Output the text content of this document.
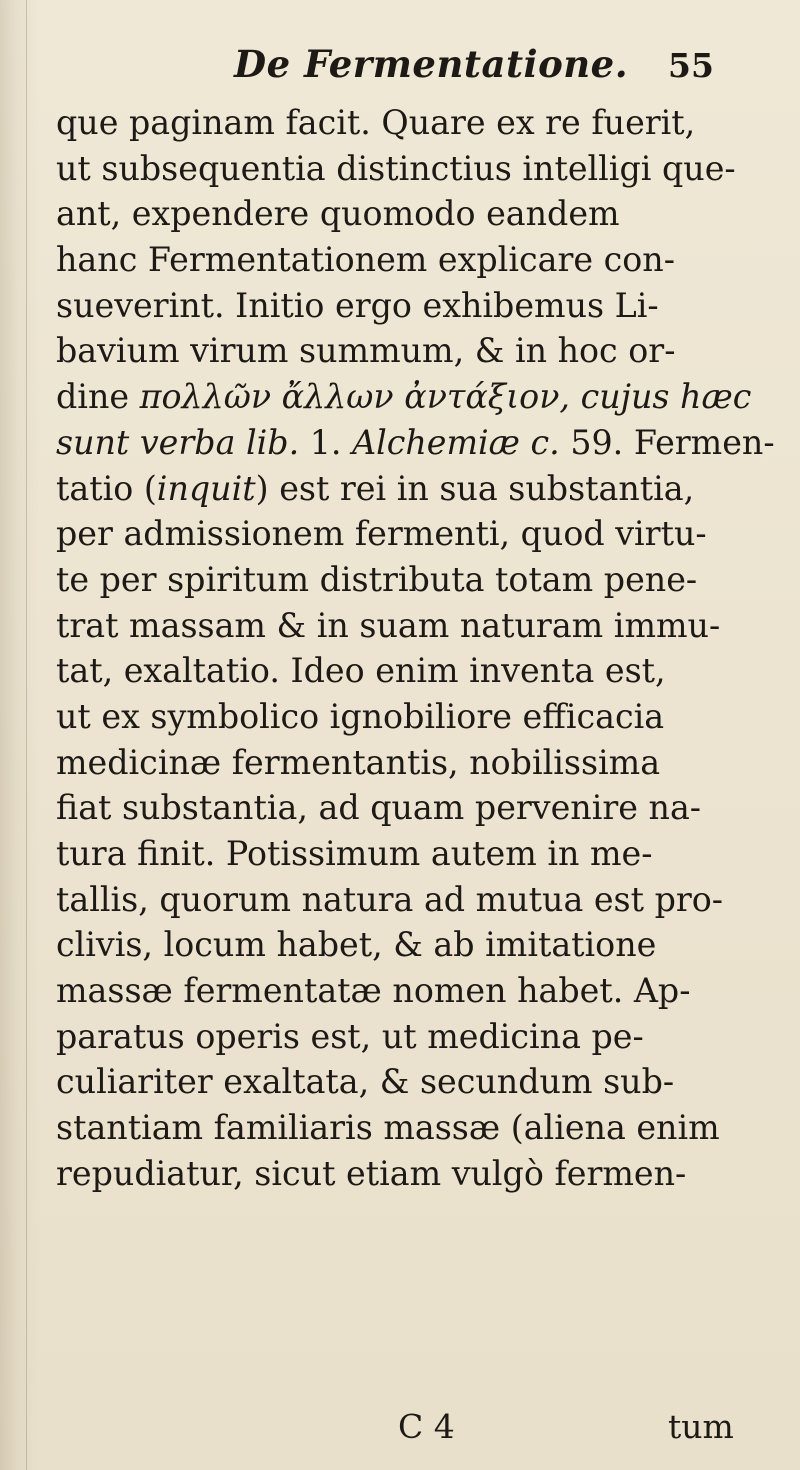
De Fermentatione. 55
que paginam facit. Quare ex re fuerit,
ut subsequentia distinctius intelligi que-
ant, expendere quomodo eandem
hanc Fermentationem explicare con-
sueverint. Initio ergo exhibemus Li-
bavium virum summum, & in hoc or-
dine πολλῶν ἄλλων ἀντάξιον, cujus hæc
sunt verba lib. 1. Alchemiæ c. 59. Fermen-
tatio (inquit) est rei in sua substantia,
per admissionem fermenti, quod virtu-
te per spiritum distributa totam pene-
trat massam & in suam naturam immu-
tat, exaltatio. Ideo enim inventa est,
ut ex symbolico ignobiliore efficacia
medicinæ fermentantis, nobilissima
fiat substantia, ad quam pervenire na-
tura finit. Potissimum autem in me-
tallis, quorum natura ad mutua est pro-
clivis, locum habet, & ab imitatione
massæ fermentatæ nomen habet. Ap-
paratus operis est, ut medicina pe-
culiariter exaltata, & secundum sub-
stantiam familiaris massæ (aliena enim
repudiatur, sicut etiam vulgò fermen-
C 4	tum
